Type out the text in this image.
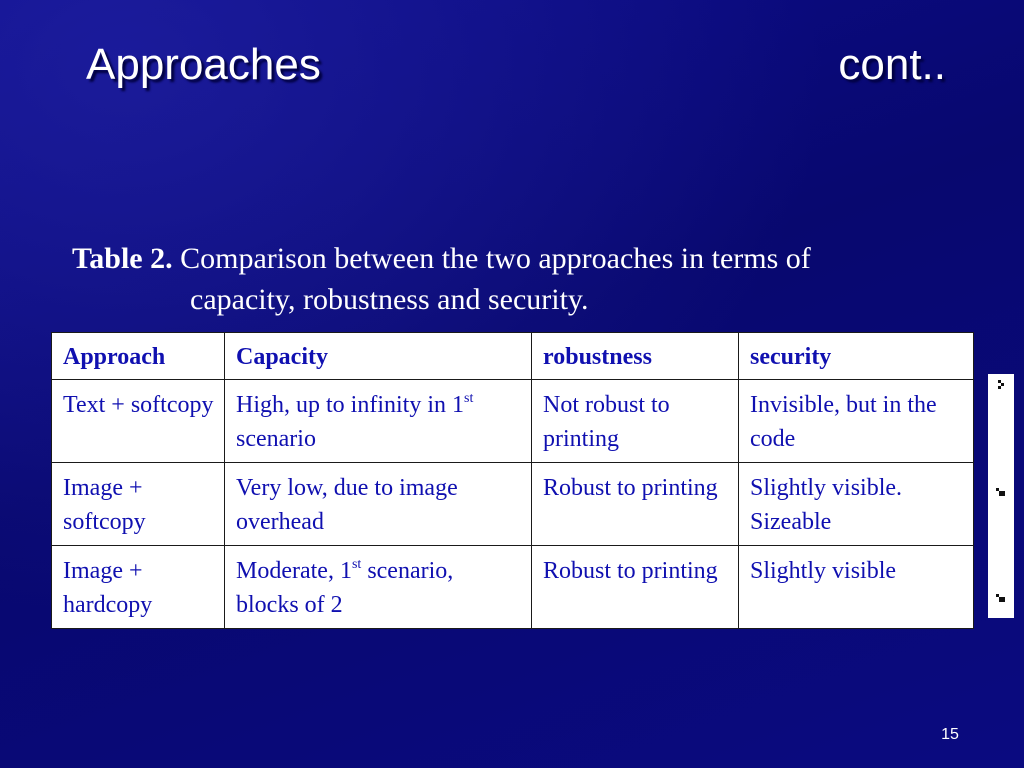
Approaches	cont..
Table 2. Comparison between the two approaches in terms of
capacity, robustness and security.
Approach	Capacity	robustness	security
Text + softcopy	High, up to infinity in 1st scenario	Not robust to printing	Invisible, but in the code
Image + softcopy	Very low, due to image overhead	Robust to printing	Slightly visible. Sizeable
Image + hardcopy	Moderate, 1st scenario, blocks of 2	Robust to printing	Slightly visible
15
